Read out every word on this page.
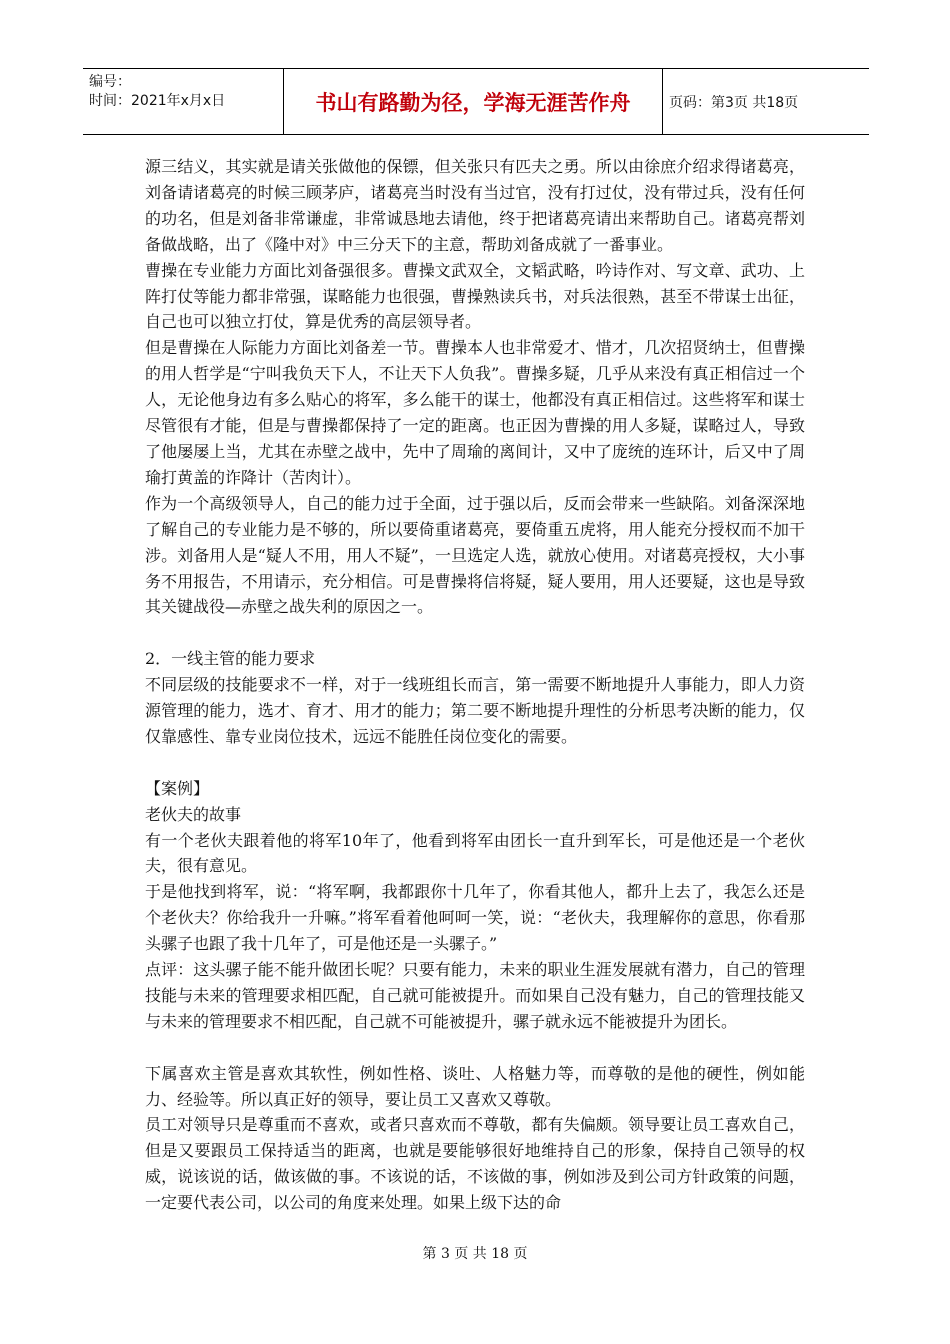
编号：
时间：2021年x月x日	书山有路勤为径，学海无涯苦作舟	页码：第3页 共18页

源三结义，其实就是请关张做他的保镖，但关张只有匹夫之勇。所以由徐庶介绍求得诸葛亮，刘备请诸葛亮的时候三顾茅庐，诸葛亮当时没有当过官，没有打过仗，没有带过兵，没有任何的功名，但是刘备非常谦虚，非常诚恳地去请他，终于把诸葛亮请出来帮助自己。诸葛亮帮刘备做战略，出了《隆中对》中三分天下的主意，帮助刘备成就了一番事业。

曹操在专业能力方面比刘备强很多。曹操文武双全，文韬武略，吟诗作对、写文章、武功、上阵打仗等能力都非常强，谋略能力也很强，曹操熟读兵书，对兵法很熟，甚至不带谋士出征，自己也可以独立打仗，算是优秀的高层领导者。

但是曹操在人际能力方面比刘备差一节。曹操本人也非常爱才、惜才，几次招贤纳士，但曹操的用人哲学是“宁叫我负天下人，不让天下人负我”。曹操多疑，几乎从来没有真正相信过一个人，无论他身边有多么贴心的将军，多么能干的谋士，他都没有真正相信过。这些将军和谋士尽管很有才能，但是与曹操都保持了一定的距离。也正因为曹操的用人多疑，谋略过人，导致了他屡屡上当，尤其在赤壁之战中，先中了周瑜的离间计，又中了庞统的连环计，后又中了周瑜打黄盖的诈降计（苦肉计）。

作为一个高级领导人，自己的能力过于全面，过于强以后，反而会带来一些缺陷。刘备深深地了解自己的专业能力是不够的，所以要倚重诸葛亮，要倚重五虎将，用人能充分授权而不加干涉。刘备用人是“疑人不用，用人不疑”，一旦选定人选，就放心使用。对诸葛亮授权，大小事务不用报告，不用请示，充分相信。可是曹操将信将疑，疑人要用，用人还要疑，这也是导致其关键战役—赤壁之战失利的原因之一。

2．一线主管的能力要求

不同层级的技能要求不一样，对于一线班组长而言，第一需要不断地提升人事能力，即人力资源管理的能力，选才、育才、用才的能力；第二要不断地提升理性的分析思考决断的能力，仅仅靠感性、靠专业岗位技术，远远不能胜任岗位变化的需要。

【案例】

老伙夫的故事

有一个老伙夫跟着他的将军10年了，他看到将军由团长一直升到军长，可是他还是一个老伙夫，很有意见。

于是他找到将军，说：“将军啊，我都跟你十几年了，你看其他人，都升上去了，我怎么还是个老伙夫？你给我升一升嘛。”将军看着他呵呵一笑，说：“老伙夫，我理解你的意思，你看那头骡子也跟了我十几年了，可是他还是一头骡子。”

点评：这头骡子能不能升做团长呢？只要有能力，未来的职业生涯发展就有潜力，自己的管理技能与未来的管理要求相匹配，自己就可能被提升。而如果自己没有魅力，自己的管理技能又与未来的管理要求不相匹配，自己就不可能被提升，骡子就永远不能被提升为团长。

下属喜欢主管是喜欢其软性，例如性格、谈吐、人格魅力等，而尊敬的是他的硬性，例如能力、经验等。所以真正好的领导，要让员工又喜欢又尊敬。

员工对领导只是尊重而不喜欢，或者只喜欢而不尊敬，都有失偏颇。领导要让员工喜欢自己，但是又要跟员工保持适当的距离，也就是要能够很好地维持自己的形象，保持自己领导的权威，说该说的话，做该做的事。不该说的话，不该做的事，例如涉及到公司方针政策的问题，一定要代表公司，以公司的角度来处理。如果上级下达的命

第 3 页 共 18 页
